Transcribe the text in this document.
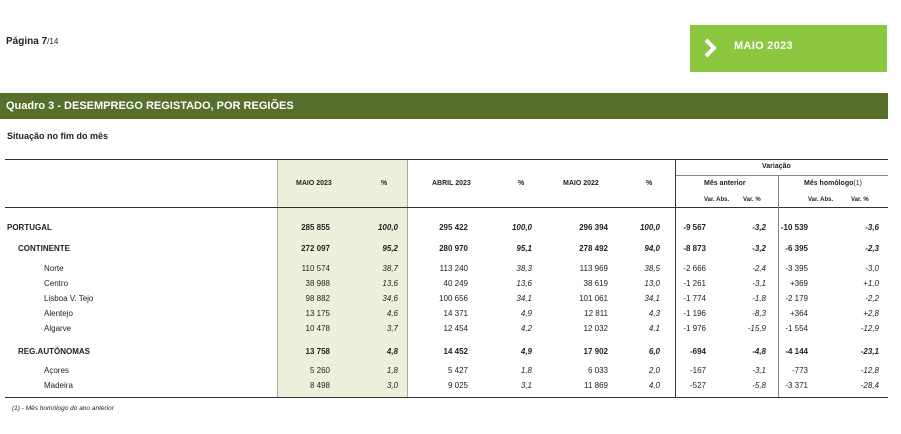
Página 7/14	MAIO 2023
Quadro 3 - DESEMPREGO REGISTADO, POR REGIÕES
Situação no fim do mês
MAIO 2023	%	ABRIL 2023	%	MAIO 2022	%
Variação
Mês anterior	Mês homólogo(1)
Var. Abs. Var. %	Var. Abs.	Var. %
PORTUGAL	285 855	100,0	295 422	100,0	296 394	100,0	-9 567	-3,2	-10 539	-3,6
CONTINENTE	272 097	95,2	280 970	95,1	278 492	94,0	-8 873	-3,2	-6 395	-2,3
Norte	110 574	38,7	113 240	38,3	113 969	38,5	-2 666	-2,4	-3 395	-3,0
Centro	38 988	13,6	40 249	13,6	38 619	13,0	-1 261	-3,1	+369	+1,0
Lisboa V. Tejo	98 882	34,6	100 656	34,1	101 061	34,1	-1 774	-1,8	-2 179	-2,2
Alentejo	13 175	4,6	14 371	4,9	12 811	4,3	-1 196	-8,3	+364	+2,8
Algarve	10 478	3,7	12 454	4,2	12 032	4,1	-1 976	-15,9	-1 554	-12,9
REG.AUTÓNOMAS	13 758	4,8	14 452	4,9	17 902	6,0	-694	-4,8	-4 144	-23,1
Açores	5 260	1,8	5 427	1,8	6 033	2,0	-167	-3,1	-773	-12,8
Madeira	8 498	3,0	9 025	3,1	11 869	4,0	-527	-5,8	-3 371	-28,4
(1) - Mês homólogo do ano anterior
